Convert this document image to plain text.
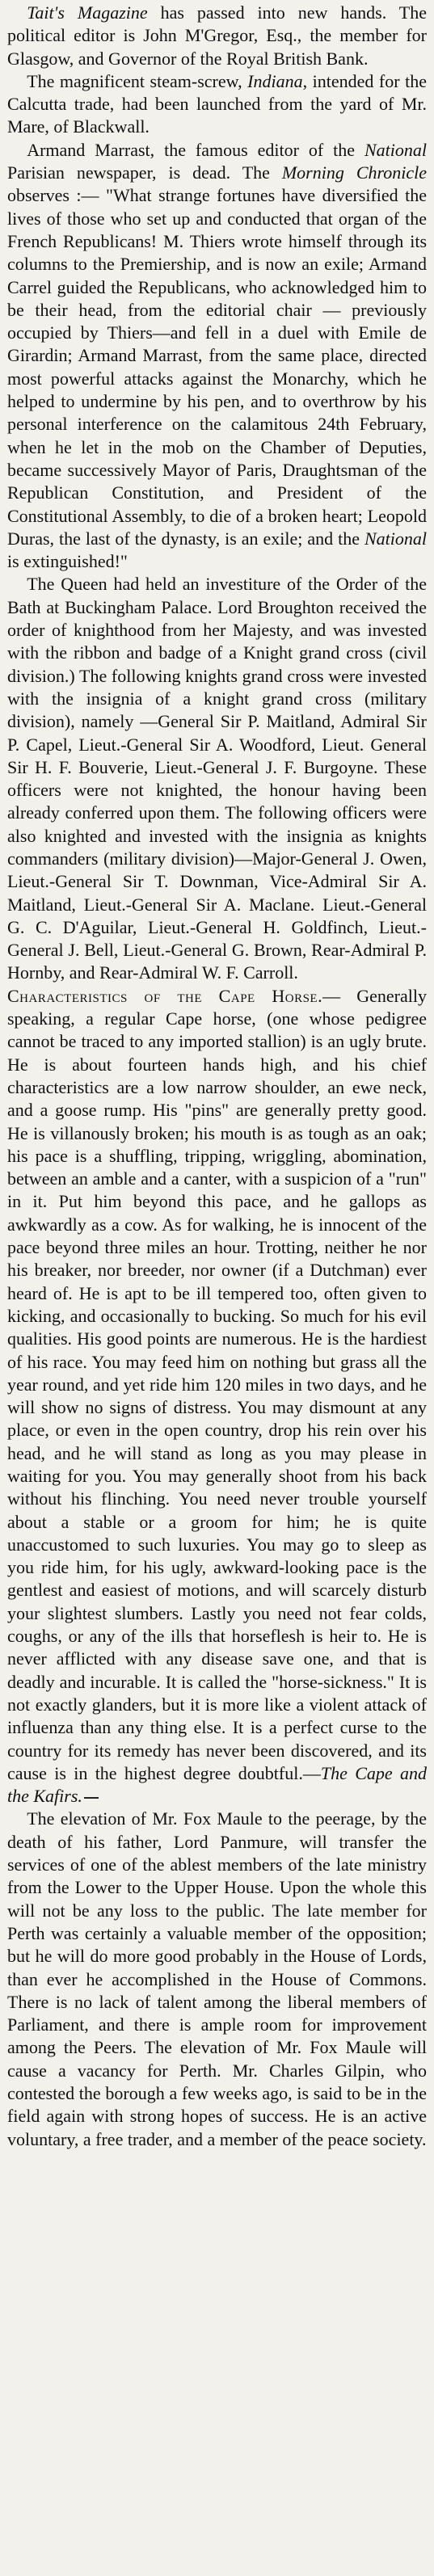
Tait's Magazine has passed into new hands. The political editor is John M'Gregor, Esq., the member for Glasgow, and Governor of the Royal British Bank.

The magnificent steam-screw, Indiana, intended for the Calcutta trade, had been launched from the yard of Mr. Mare, of Blackwall.

Armand Marrast, the famous editor of the National Parisian newspaper, is dead. The Morning Chronicle observes :— "What strange fortunes have diversified the lives of those who set up and conducted that organ of the French Republicans! M. Thiers wrote himself through its columns to the Premiership, and is now an exile; Armand Carrel guided the Republicans, who acknowledged him to be their head, from the editorial chair — previously occupied by Thiers—and fell in a duel with Emile de Girardin; Armand Marrast, from the same place, directed most powerful attacks against the Monarchy, which he helped to undermine by his pen, and to overthrow by his personal interference on the calamitous 24th February, when he let in the mob on the Chamber of Deputies, became successively Mayor of Paris, Draughtsman of the Republican Constitution, and President of the Constitutional Assembly, to die of a broken heart; Leopold Duras, the last of the dynasty, is an exile; and the National is extinguished!"

The Queen had held an investiture of the Order of the Bath at Buckingham Palace. Lord Broughton received the order of knighthood from her Majesty, and was invested with the ribbon and badge of a Knight grand cross (civil division.) The following knights grand cross were invested with the insignia of a knight grand cross (military division), namely —General Sir P. Maitland, Admiral Sir P. Capel, Lieut.-General Sir A. Woodford, Lieut. General Sir H. F. Bouverie, Lieut.-General J. F. Burgoyne. These officers were not knighted, the honour having been already conferred upon them. The following officers were also knighted and invested with the insignia as knights commanders (military division)—Major-General J. Owen, Lieut.-General Sir T. Downman, Vice-Admiral Sir A. Maitland, Lieut.-General Sir A. Maclane. Lieut.-General G. C. D'Aguilar, Lieut.-General H. Goldfinch, Lieut.-General J. Bell, Lieut.-General G. Brown, Rear-Admiral P. Hornby, and Rear-Admiral W. F. Carroll.

Characteristics of the Cape Horse.— Generally speaking, a regular Cape horse, (one whose pedigree cannot be traced to any imported stallion) is an ugly brute. He is about fourteen hands high, and his chief characteristics are a low narrow shoulder, an ewe neck, and a goose rump. His "pins" are generally pretty good. He is villanously broken; his mouth is as tough as an oak; his pace is a shuffling, tripping, wriggling, abomination, between an amble and a canter, with a suspicion of a "run" in it. Put him beyond this pace, and he gallops as awkwardly as a cow. As for walking, he is innocent of the pace beyond three miles an hour. Trotting, neither he nor his breaker, nor breeder, nor owner (if a Dutchman) ever heard of. He is apt to be ill tempered too, often given to kicking, and occasionally to bucking. So much for his evil qualities. His good points are numerous. He is the hardiest of his race. You may feed him on nothing but grass all the year round, and yet ride him 120 miles in two days, and he will show no signs of distress. You may dismount at any place, or even in the open country, drop his rein over his head, and he will stand as long as you may please in waiting for you. You may generally shoot from his back without his flinching. You need never trouble yourself about a stable or a groom for him; he is quite unaccustomed to such luxuries. You may go to sleep as you ride him, for his ugly, awkward-looking pace is the gentlest and easiest of motions, and will scarcely disturb your slightest slumbers. Lastly you need not fear colds, coughs, or any of the ills that horseflesh is heir to. He is never afflicted with any disease save one, and that is deadly and incurable. It is called the "horse-sickness." It is not exactly glanders, but it is more like a violent attack of influenza than any thing else. It is a perfect curse to the country for its remedy has never been discovered, and its cause is in the highest degree doubtful.—The Cape and the Kafirs.

The elevation of Mr. Fox Maule to the peerage, by the death of his father, Lord Panmure, will transfer the services of one of the ablest members of the late ministry from the Lower to the Upper House. Upon the whole this will not be any loss to the public. The late member for Perth was certainly a valuable member of the opposition; but he will do more good probably in the House of Lords, than ever he accomplished in the House of Commons. There is no lack of talent among the liberal members of Parliament, and there is ample room for improvement among the Peers. The elevation of Mr. Fox Maule will cause a vacancy for Perth. Mr. Charles Gilpin, who contested the borough a few weeks ago, is said to be in the field again with strong hopes of success. He is an active voluntary, a free trader, and a member of the peace society.
